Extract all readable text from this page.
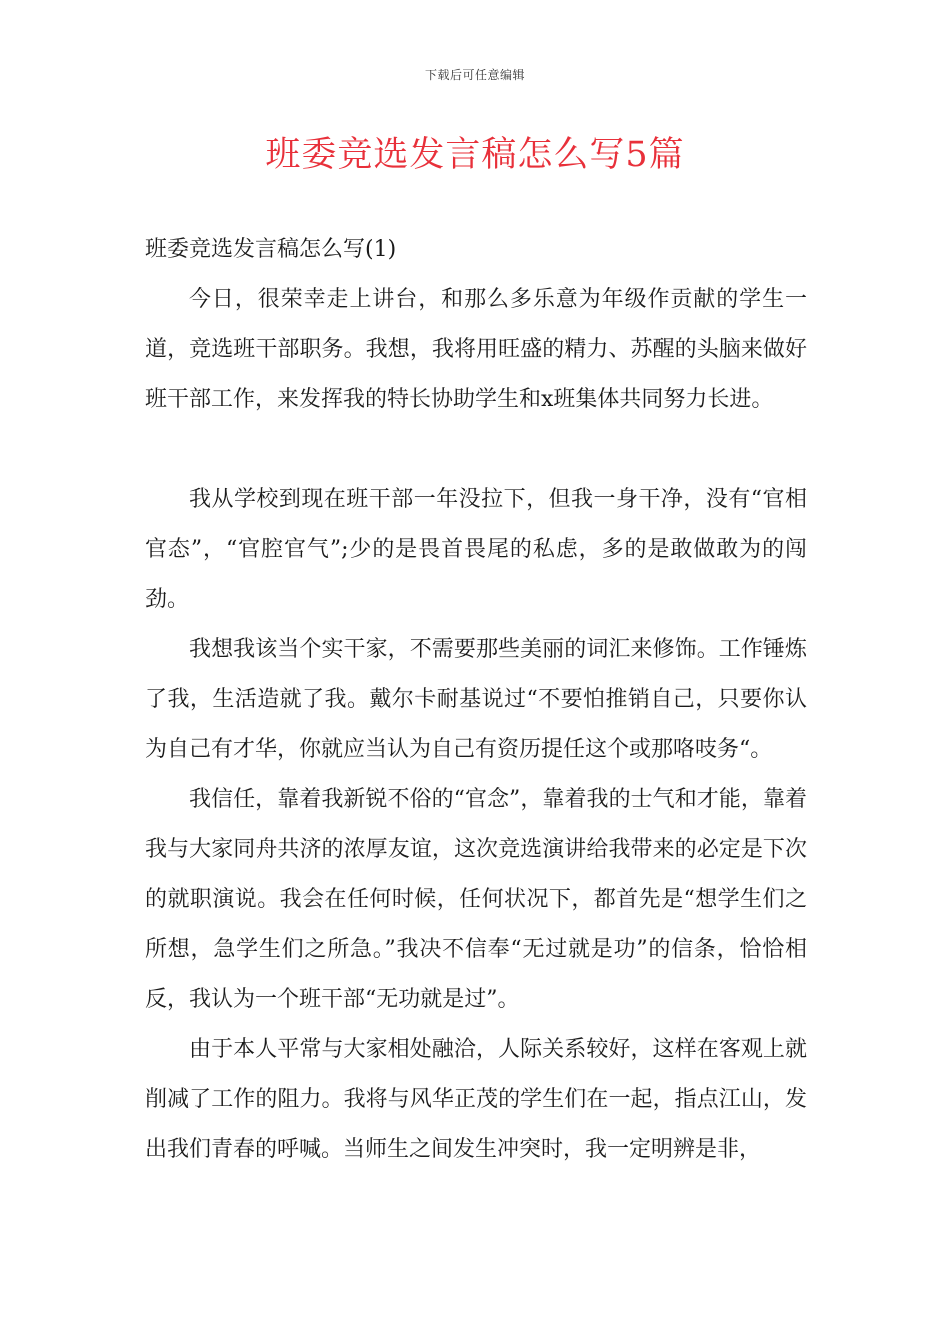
下载后可任意编辑
班委竞选发言稿怎么写5篇

班委竞选发言稿怎么写(1)

今日，很荣幸走上讲台，和那么多乐意为年级作贡献的学生一道，竞选班干部职务。我想，我将用旺盛的精力、苏醒的头脑来做好班干部工作，来发挥我的特长协助学生和x班集体共同努力长进。

我从学校到现在班干部一年没拉下，但我一身干净，没有“官相官态”，“官腔官气”;少的是畏首畏尾的私虑，多的是敢做敢为的闯劲。

我想我该当个实干家，不需要那些美丽的词汇来修饰。工作锤炼了我，生活造就了我。戴尔卡耐基说过“不要怕推销自己，只要你认为自己有才华，你就应当认为自己有资历提任这个或那咯吱务“。

我信任，靠着我新锐不俗的“官念”，靠着我的士气和才能，靠着我与大家同舟共济的浓厚友谊，这次竞选演讲给我带来的必定是下次的就职演说。我会在任何时候，任何状况下，都首先是“想学生们之所想，急学生们之所急。”我决不信奉“无过就是功”的信条，恰恰相反，我认为一个班干部“无功就是过”。

由于本人平常与大家相处融洽，人际关系较好，这样在客观上就削减了工作的阻力。我将与风华正茂的学生们在一起，指点江山，发出我们青春的呼喊。当师生之间发生冲突时，我一定明辨是非，
